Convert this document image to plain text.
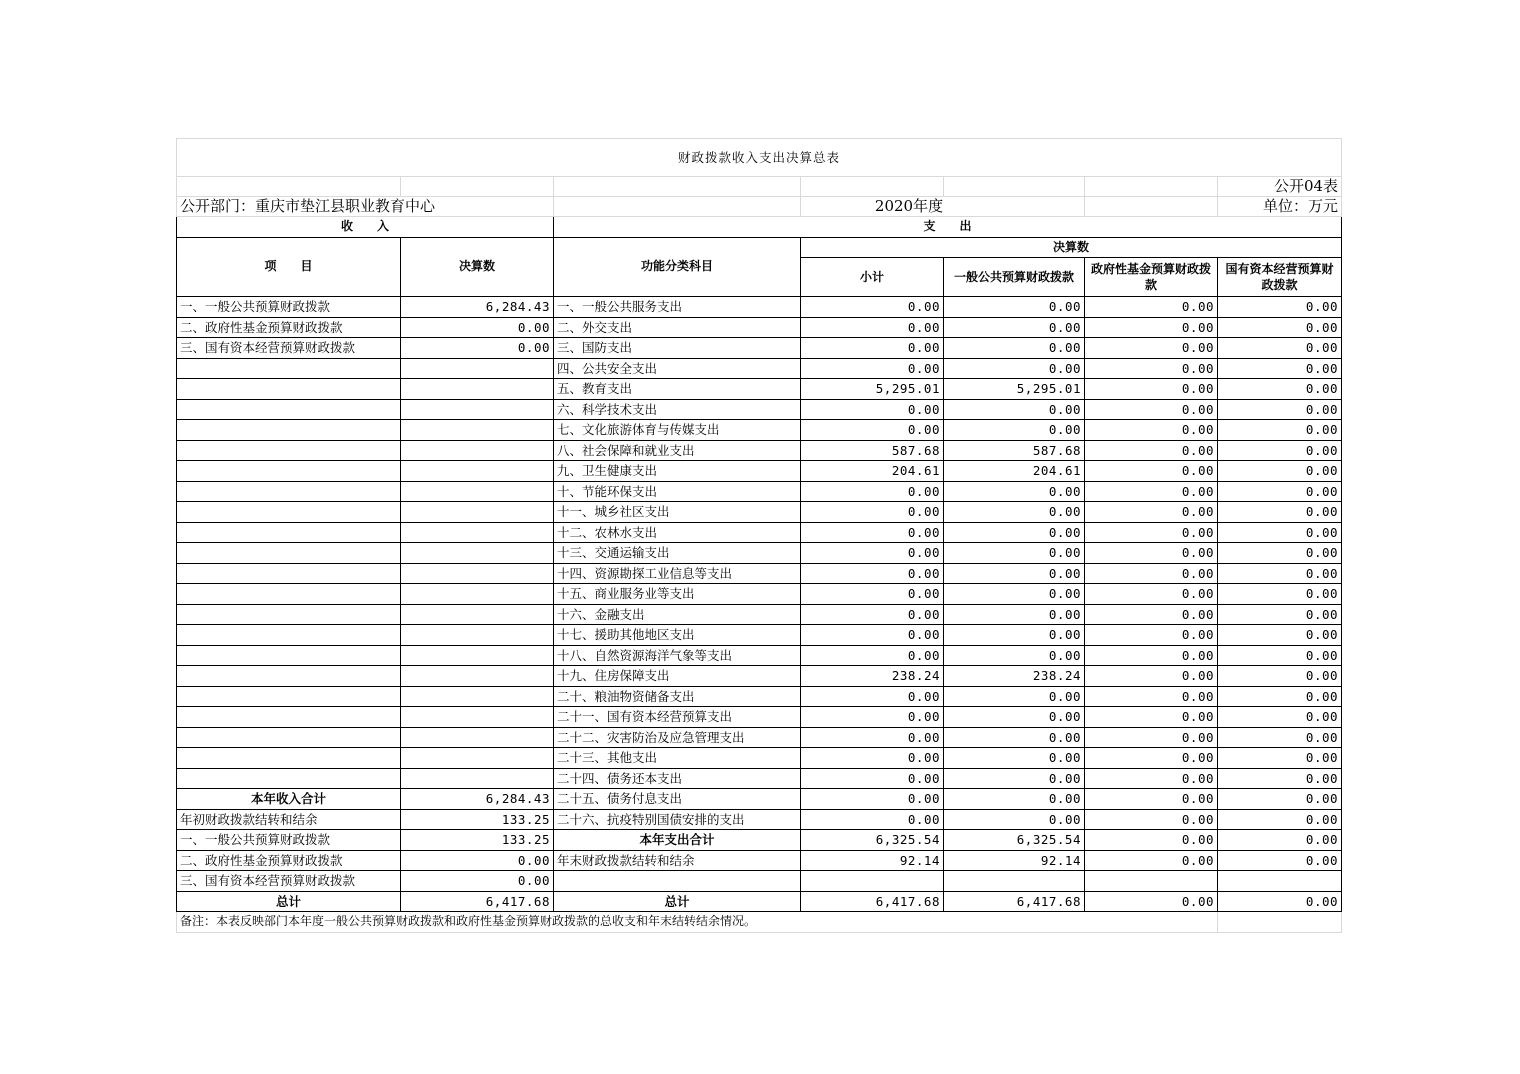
财政拨款收入支出决算总表						
						公开04表
公开部门：重庆市垫江县职业教育中心			2020年度			单位：万元
收　　入		支　　出				
项　　目	决算数	功能分类科目	决算数			
			小计	一般公共预算财政拨款	政府性基金预算财政拨款	国有资本经营预算财政拨款

一、一般公共预算财政拨款	6,284.43	一、一般公共服务支出	0.00	0.00	0.00	0.00
二、政府性基金预算财政拨款	0.00	二、外交支出	0.00	0.00	0.00	0.00
三、国有资本经营预算财政拨款	0.00	三、国防支出	0.00	0.00	0.00	0.00
		四、公共安全支出	0.00	0.00	0.00	0.00
		五、教育支出	5,295.01	5,295.01	0.00	0.00
		六、科学技术支出	0.00	0.00	0.00	0.00
		七、文化旅游体育与传媒支出	0.00	0.00	0.00	0.00
		八、社会保障和就业支出	587.68	587.68	0.00	0.00
		九、卫生健康支出	204.61	204.61	0.00	0.00
		十、节能环保支出	0.00	0.00	0.00	0.00
		十一、城乡社区支出	0.00	0.00	0.00	0.00
		十二、农林水支出	0.00	0.00	0.00	0.00
		十三、交通运输支出	0.00	0.00	0.00	0.00
		十四、资源勘探工业信息等支出	0.00	0.00	0.00	0.00
		十五、商业服务业等支出	0.00	0.00	0.00	0.00
		十六、金融支出	0.00	0.00	0.00	0.00
		十七、援助其他地区支出	0.00	0.00	0.00	0.00
		十八、自然资源海洋气象等支出	0.00	0.00	0.00	0.00
		十九、住房保障支出	238.24	238.24	0.00	0.00
		二十、粮油物资储备支出	0.00	0.00	0.00	0.00
		二十一、国有资本经营预算支出	0.00	0.00	0.00	0.00
		二十二、灾害防治及应急管理支出	0.00	0.00	0.00	0.00
		二十三、其他支出	0.00	0.00	0.00	0.00
		二十四、债务还本支出	0.00	0.00	0.00	0.00
本年收入合计	6,284.43	二十五、债务付息支出	0.00	0.00	0.00	0.00
年初财政拨款结转和结余	133.25	二十六、抗疫特别国债安排的支出	0.00	0.00	0.00	0.00
一、一般公共预算财政拨款	133.25	本年支出合计	6,325.54	6,325.54	0.00	0.00
二、政府性基金预算财政拨款	0.00	年末财政拨款结转和结余	92.14	92.14	0.00	0.00
三、国有资本经营预算财政拨款	0.00					
总计	6,417.68	总计	6,417.68	6,417.68	0.00	0.00
备注：本表反映部门本年度一般公共预算财政拨款和政府性基金预算财政拨款的总收支和年末结转结余情况。						
